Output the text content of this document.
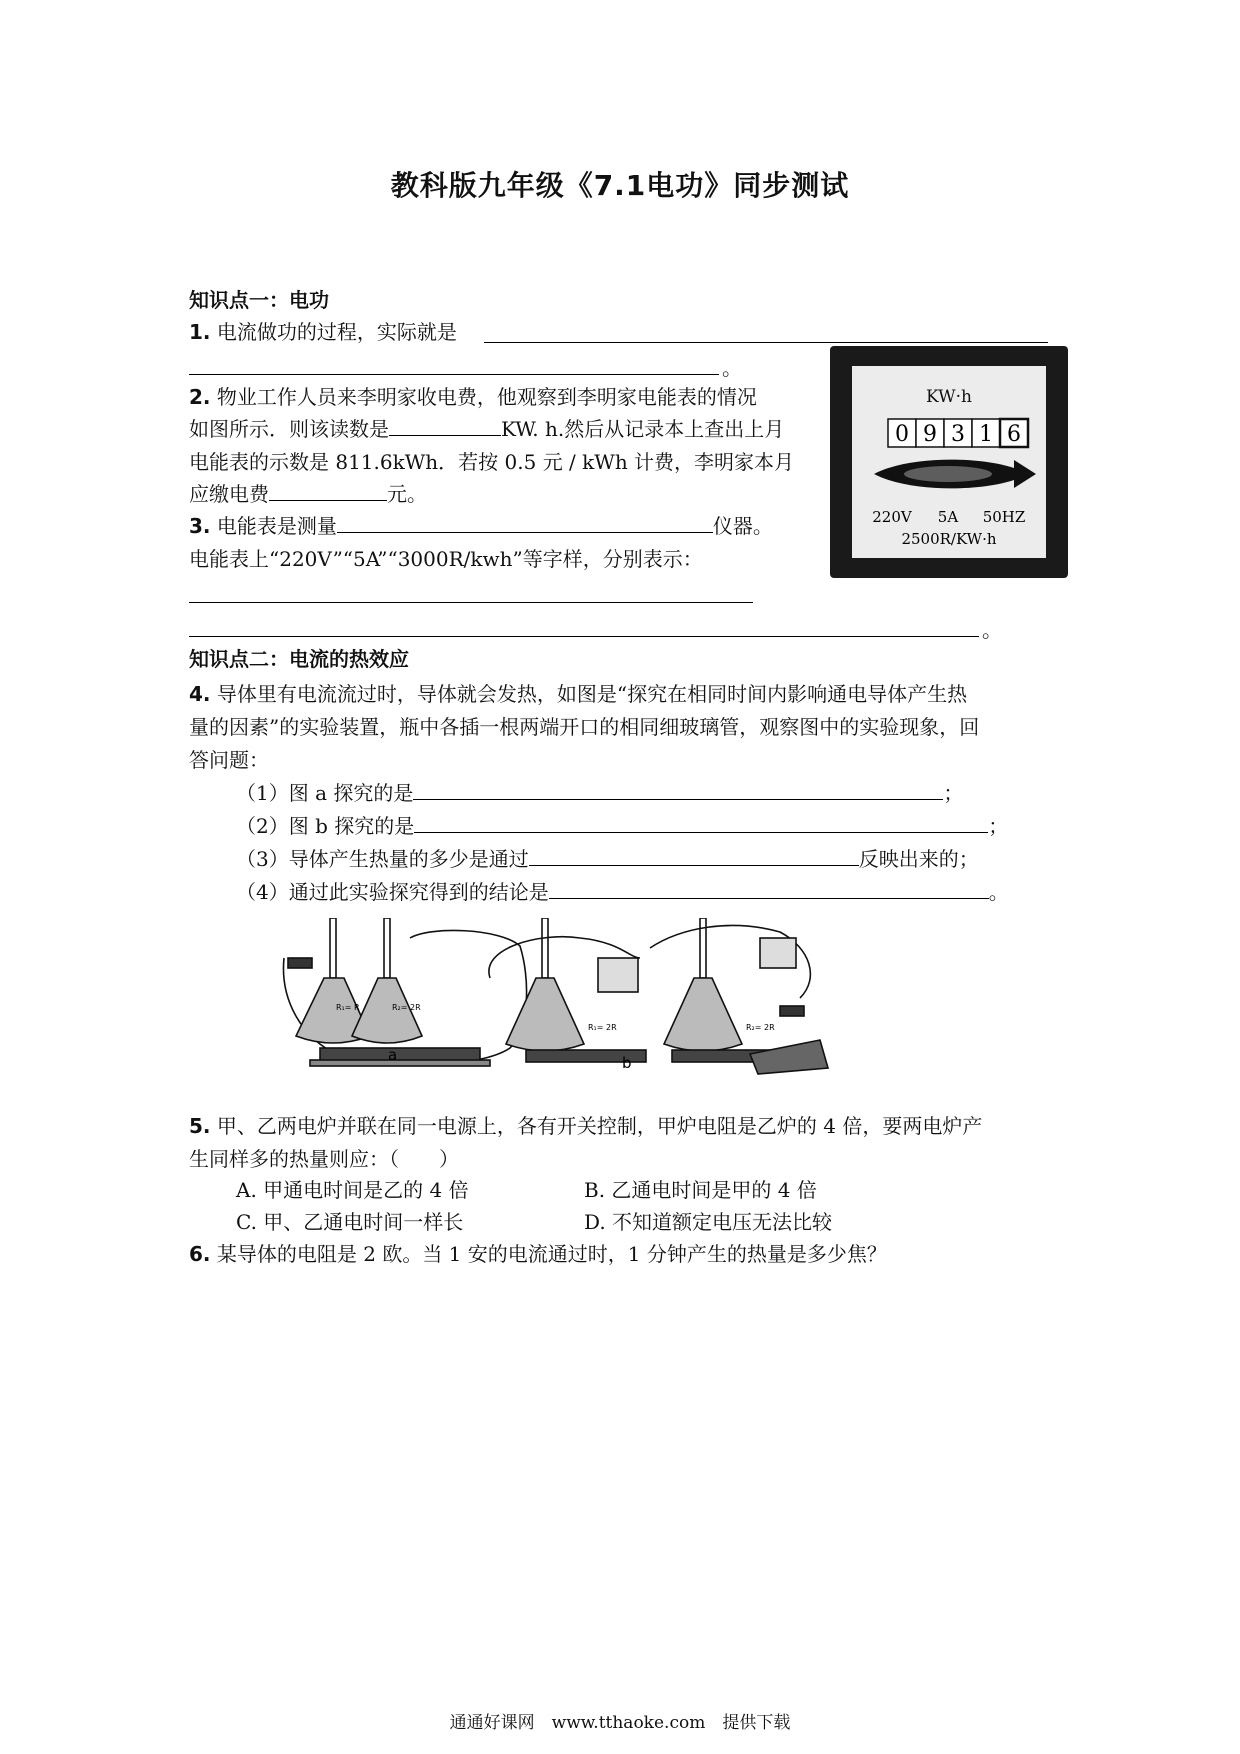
教科版九年级《7.1电功》同步测试
知识点一：电功
1. 电流做功的过程，实际就是
。
2. 物业工作人员来李明家收电费，他观察到李明家电能表的情况
如图所示．则该读数是	KW. h.然后从记录本上查出上月
电能表的示数是 811.6kWh．若按 0.5 元 / kWh 计费，李明家本月
应缴电费	元。
KW·h
0 9 3 1 6
220V 5A 50HZ
2500R/KW·h
3. 电能表是测量	仪器。
电能表上“220V”“5A”“3000R/kwh”等字样，分别表示：
。
知识点二：电流的热效应
4. 导体里有电流流过时，导体就会发热，如图是“探究在相同时间内影响通电导体产生热
量的因素”的实验装置，瓶中各插一根两端开口的相同细玻璃管，观察图中的实验现象，回
答问题：
（1）图 a 探究的是	；
（2）图 b 探究的是	；
（3）导体产生热量的多少是通过	反映出来的；
（4）通过此实验探究得到的结论是	。
R₁= R	R₂= 2R
a
R₁= 2R	R₂= 2R
b
5. 甲、乙两电炉并联在同一电源上，各有开关控制，甲炉电阻是乙炉的 4 倍，要两电炉产
生同样多的热量则应：（　　）
A. 甲通电时间是乙的 4 倍	B. 乙通电时间是甲的 4 倍
C. 甲、乙通电时间一样长	D. 不知道额定电压无法比较
6. 某导体的电阻是 2 欧。当 1 安的电流通过时，1 分钟产生的热量是多少焦？
通通好课网　www.tthaoke.com　提供下载
